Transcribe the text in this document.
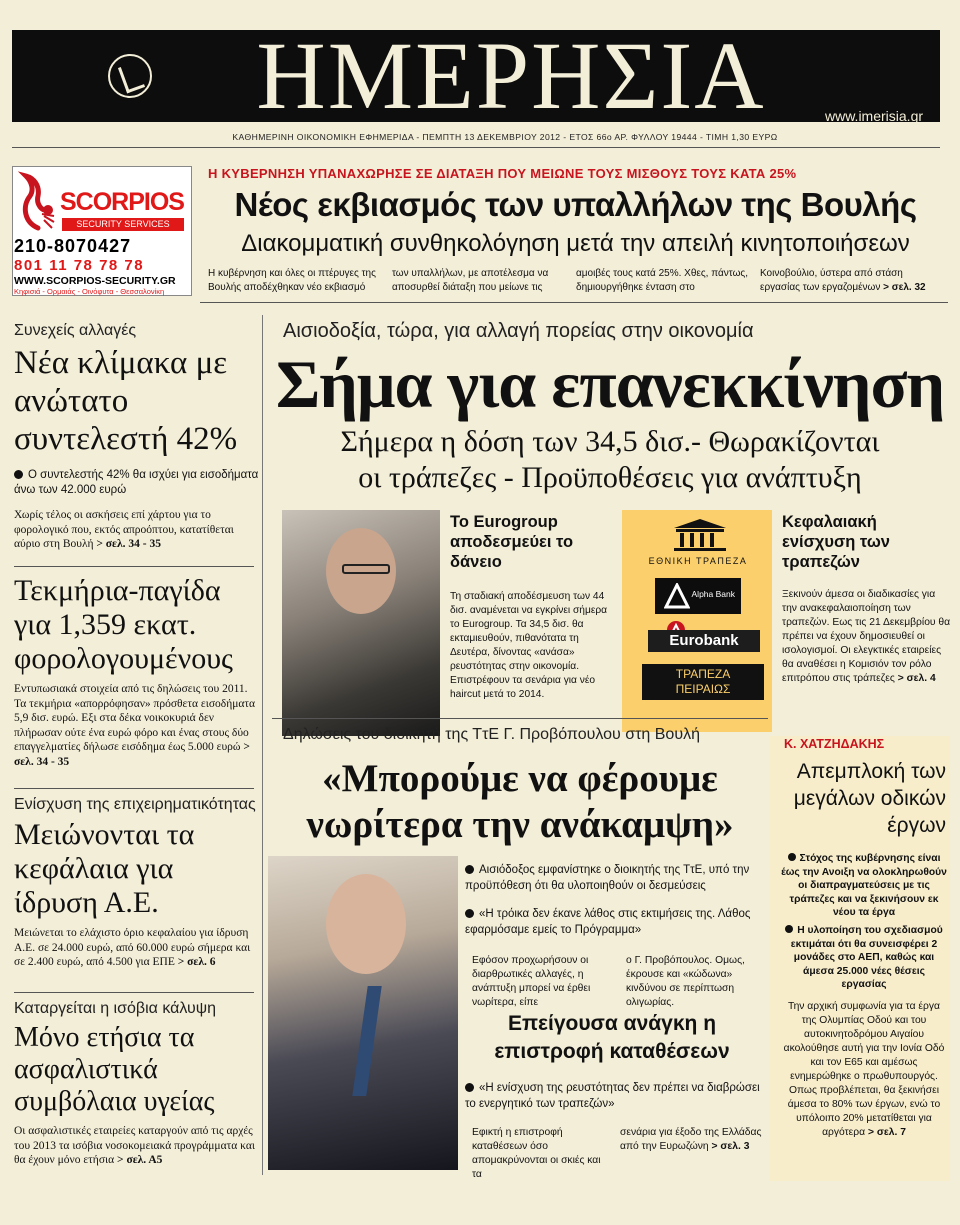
ΗΜΕΡΗΣΙΑ	www.imerisia.gr
ΚΑΘΗΜΕΡΙΝΗ ΟΙΚΟΝΟΜΙΚΗ ΕΦΗΜΕΡΙΔΑ - ΠΕΜΠΤΗ 13 ΔΕΚΕΜΒΡΙΟΥ 2012 - ΕΤΟΣ 66ο ΑΡ. ΦΥΛΛΟΥ 19444 - ΤΙΜΗ 1,30 ΕΥΡΩ
SCORPIOS
SECURITY SERVICES
210-8070427
801 11 78 78 78
WWW.SCORPIOS-SECURITY.GR
Κηφισιά - Ορμαιάς - Οινόφυτα - Θεσσαλονίκη
Η ΚΥΒΕΡΝΗΣΗ ΥΠΑΝΑΧΩΡΗΣΕ ΣΕ ΔΙΑΤΑΞΗ ΠΟΥ ΜΕΙΩΝΕ ΤΟΥΣ ΜΙΣΘΟΥΣ ΤΟΥΣ ΚΑΤΑ 25%
Νέος εκβιασμός των υπαλλήλων της Βουλής
Διακομματική συνθηκολόγηση μετά την απειλή κινητοποιήσεων
Η κυβέρνηση και όλες οι πτέρυγες της Βουλής αποδέχθηκαν νέο εκβιασμό
των υπαλλήλων, με αποτέλεσμα να αποσυρθεί διάταξη που μείωνε τις
αμοιβές τους κατά 25%. Χθες, πάντως, δημιουργήθηκε ένταση στο
Κοινοβούλιο, ύστερα από στάση εργασίας των εργαζομένων > σελ. 32
Συνεχείς αλλαγές
Νέα κλίμακα με ανώτατο συντελεστή 42%
Ο συντελεστής 42% θα ισχύει για εισοδήματα άνω των 42.000 ευρώ
Χωρίς τέλος οι ασκήσεις επί χάρτου για το φορολογικό που, εκτός απροόπτου, κατατίθεται αύριο στη Βουλή > σελ. 34 - 35
Τεκμήρια-παγίδα για 1,359 εκατ. φορολογουμένους
Εντυπωσιακά στοιχεία από τις δηλώσεις του 2011. Τα τεκμήρια «απορρόφησαν» πρόσθετα εισοδήματα 5,9 δισ. ευρώ. Εξι στα δέκα νοικοκυριά δεν πλήρωσαν ούτε ένα ευρώ φόρο και ένας στους δύο επαγγελματίες δήλωσε εισόδημα έως 5.000 ευρώ > σελ. 34 - 35
Ενίσχυση της επιχειρηματικότητας
Μειώνονται τα κεφάλαια για ίδρυση Α.Ε.
Μειώνεται το ελάχιστο όριο κεφαλαίου για ίδρυση Α.Ε. σε 24.000 ευρώ, από 60.000 ευρώ σήμερα και σε 2.400 ευρώ, από 4.500 για ΕΠΕ > σελ. 6
Καταργείται η ισόβια κάλυψη
Μόνο ετήσια τα ασφαλιστικά συμβόλαια υγείας
Οι ασφαλιστικές εταιρείες καταργούν από τις αρχές του 2013 τα ισόβια νοσοκομειακά προγράμματα και θα έχουν μόνο ετήσια > σελ. Α5
Αισιοδοξία, τώρα, για αλλαγή πορείας στην οικονομία
Σήμα για επανεκκίνηση
Σήμερα η δόση των 34,5 δισ.- Θωρακίζονται
οι τράπεζες - Προϋποθέσεις για ανάπτυξη
Το Eurogroup αποδεσμεύει το δάνειο
Τη σταδιακή αποδέσμευση των 44 δισ. αναμένεται να εγκρίνει σήμερα το Eurogroup. Τα 34,5 δισ. θα εκταμιευθούν, πιθανότατα τη Δευτέρα, δίνοντας «ανάσα» ρευστότητας στην οικονομία. Επιστρέφουν τα σενάρια για νέο haircut μετά το 2014.
ΕΘΝΙΚΗ ΤΡΑΠΕΖΑ
Alpha Bank
Eurobank
ΤΡΑΠΕΖΑ
ΠΕΙΡΑΙΩΣ
Κεφαλαιακή ενίσχυση των τραπεζών
Ξεκινούν άμεσα οι διαδικασίες για την ανακεφαλαιοποίηση των τραπεζών. Εως τις 21 Δεκεμβρίου θα πρέπει να έχουν δημοσιευθεί οι ισολογισμοί. Οι ελεγκτικές εταιρείες θα αναθέσει η Κομισιόν τον ρόλο επιτρόπου στις τράπεζες > σελ. 4
Δηλώσεις του διοικητή της ΤτΕ Γ. Προβόπουλου στη Βουλή
«Μπορούμε να φέρουμε νωρίτερα την ανάκαμψη»
Αισιόδοξος εμφανίστηκε ο διοικητής της ΤτΕ, υπό την προϋπόθεση ότι θα υλοποιηθούν οι δεσμεύσεις
«Η τρόικα δεν έκανε λάθος στις εκτιμήσεις της. Λάθος εφαρμόσαμε εμείς το Πρόγραμμα»
Εφόσον προχωρήσουν οι διαρθρωτικές αλλαγές, η ανάπτυξη μπορεί να έρθει νωρίτερα, είπε
ο Γ. Προβόπουλος. Ομως, έκρουσε και «κώδωνα» κινδύνου σε περίπτωση ολιγωρίας.
Επείγουσα ανάγκη η επιστροφή καταθέσεων
«Η ενίσχυση της ρευστότητας δεν πρέπει να διαβρώσει το ενεργητικό των τραπεζών»
Εφικτή η επιστροφή καταθέσεων όσο απομακρύνονται οι σκιές και τα
σενάρια για έξοδο της Ελλάδας από την Ευρωζώνη > σελ. 3
Κ. ΧΑΤΖΗΔΑΚΗΣ
Απεμπλοκή των μεγάλων οδικών έργων
Στόχος της κυβέρνησης είναι έως την Ανοιξη να ολοκληρωθούν οι διαπραγματεύσεις με τις τράπεζες και να ξεκινήσουν εκ νέου τα έργα
Η υλοποίηση του σχεδιασμού εκτιμάται ότι θα συνεισφέρει 2 μονάδες στο ΑΕΠ, καθώς και άμεσα 25.000 νέες θέσεις εργασίας
Την αρχική συμφωνία για τα έργα της Ολυμπίας Οδού και του αυτοκινητοδρόμου Αιγαίου ακολούθησε αυτή για την Ιονία Οδό και τον Ε65 και αμέσως ενημερώθηκε ο πρωθυπουργός. Οπως προβλέπεται, θα ξεκινήσει άμεσα το 80% των έργων, ενώ το υπόλοιπο 20% μετατίθεται για αργότερα > σελ. 7
